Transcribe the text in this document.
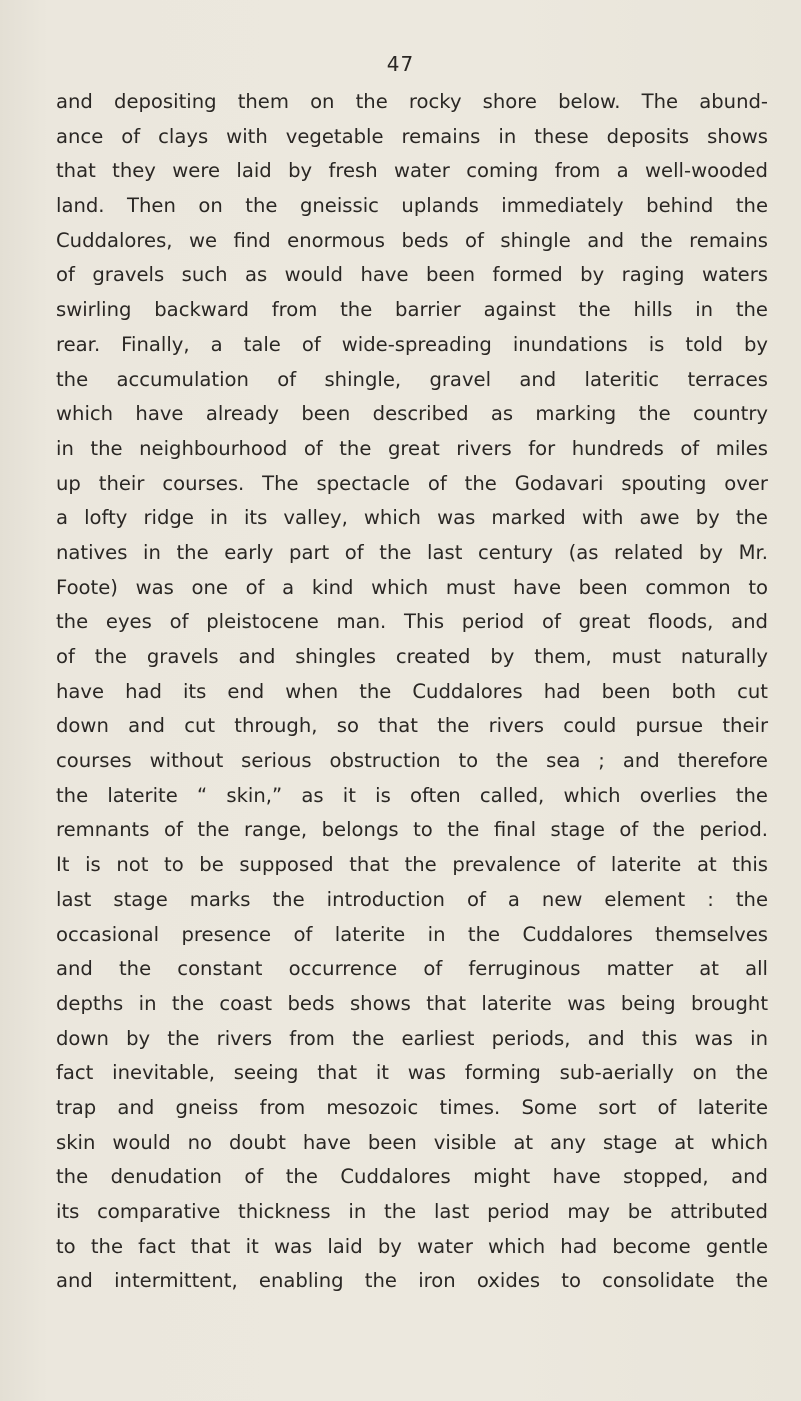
47
and depositing them on the rocky shore below. The abund-
ance of clays with vegetable remains in these deposits shows
that they were laid by fresh water coming from a well-wooded
land. Then on the gneissic uplands immediately behind the
Cuddalores, we find enormous beds of shingle and the remains
of gravels such as would have been formed by raging waters
swirling backward from the barrier against the hills in the
rear. Finally, a tale of wide-spreading inundations is told by
the accumulation of shingle, gravel and lateritic terraces
which have already been described as marking the country
in the neighbourhood of the great rivers for hundreds of miles
up their courses. The spectacle of the Godavari spouting over
a lofty ridge in its valley, which was marked with awe by the
natives in the early part of the last century (as related by Mr.
Foote) was one of a kind which must have been common to
the eyes of pleistocene man. This period of great floods, and
of the gravels and shingles created by them, must naturally
have had its end when the Cuddalores had been both cut
down and cut through, so that the rivers could pursue their
courses without serious obstruction to the sea ; and therefore
the laterite “ skin,” as it is often called, which overlies the
remnants of the range, belongs to the final stage of the period.
It is not to be supposed that the prevalence of laterite at this
last stage marks the introduction of a new element : the
occasional presence of laterite in the Cuddalores themselves
and the constant occurrence of ferruginous matter at all
depths in the coast beds shows that laterite was being brought
down by the rivers from the earliest periods, and this was in
fact inevitable, seeing that it was forming sub-aerially on the
trap and gneiss from mesozoic times. Some sort of laterite
skin would no doubt have been visible at any stage at which
the denudation of the Cuddalores might have stopped, and
its comparative thickness in the last period may be attributed
to the fact that it was laid by water which had become gentle
and intermittent, enabling the iron oxides to consolidate the
